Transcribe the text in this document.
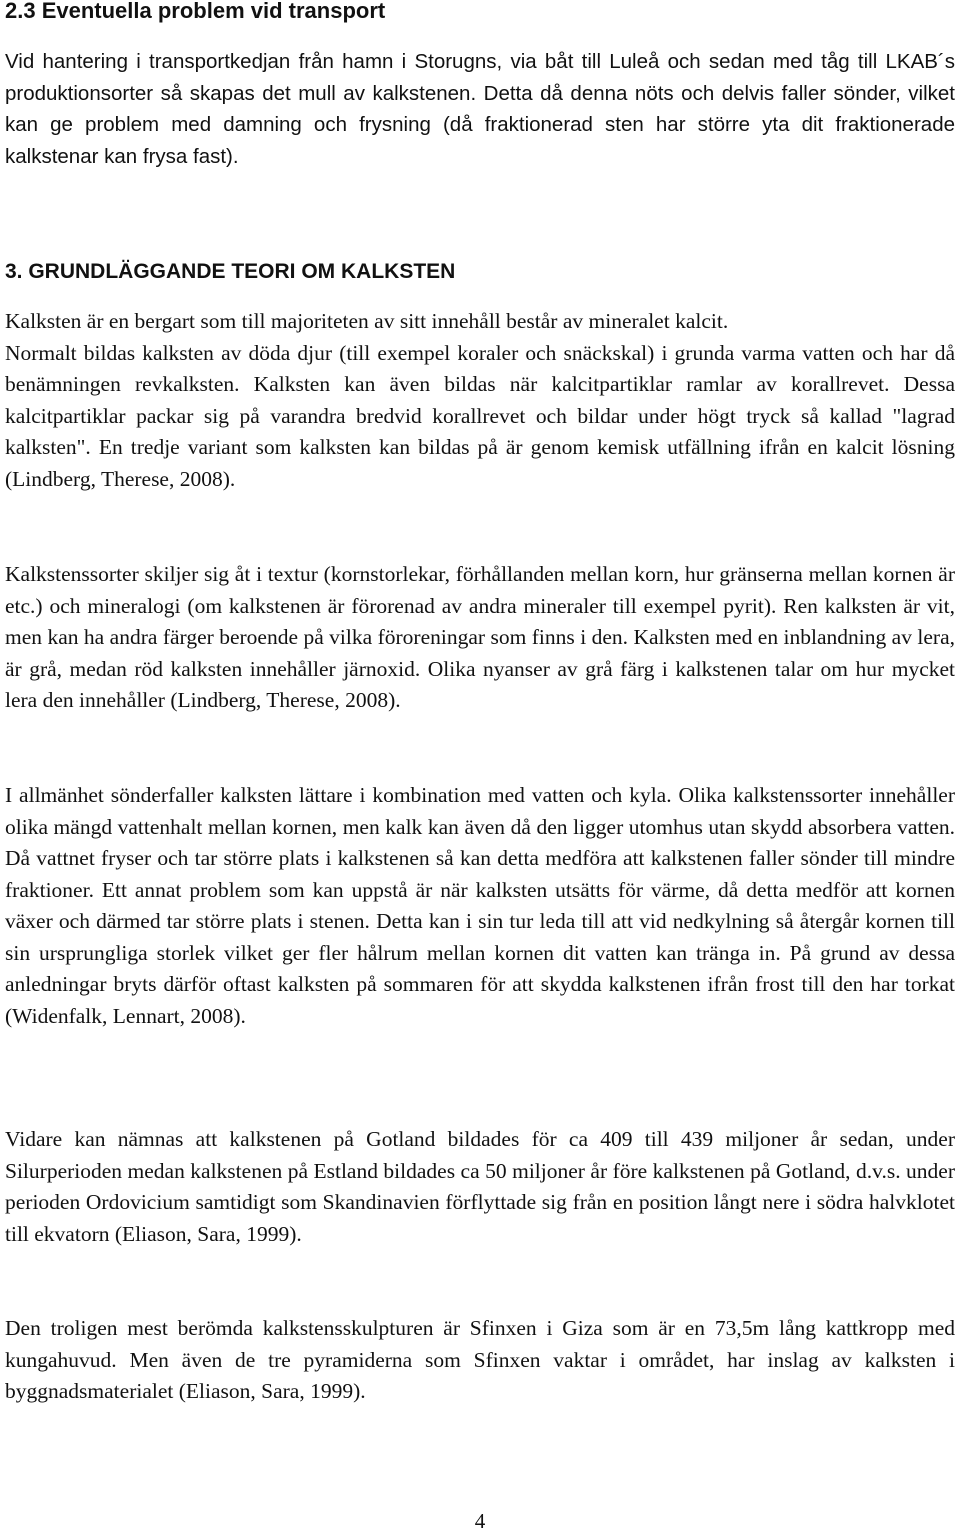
2.3 Eventuella problem vid transport

Vid hantering i transportkedjan från hamn i Storugns, via båt till Luleå och sedan med tåg till LKAB´s produktionsorter så skapas det mull av kalkstenen. Detta då denna nöts och delvis faller sönder, vilket kan ge problem med damning och frysning (då fraktionerad sten har större yta dit fraktionerade kalkstenar kan frysa fast).

3. GRUNDLÄGGANDE TEORI OM KALKSTEN

Kalksten är en bergart som till majoriteten av sitt innehåll består av mineralet kalcit.
Normalt bildas kalksten av döda djur (till exempel koraler och snäckskal) i grunda varma vatten och har då benämningen revkalksten. Kalksten kan även bildas när kalcitpartiklar ramlar av korallrevet. Dessa kalcitpartiklar packar sig på varandra bredvid korallrevet och bildar under högt tryck så kallad "lagrad kalksten". En tredje variant som kalksten kan bildas på är genom kemisk utfällning ifrån en kalcit lösning (Lindberg, Therese, 2008).

Kalkstenssorter skiljer sig åt i textur (kornstorlekar, förhållanden mellan korn, hur gränserna mellan kornen är etc.) och mineralogi (om kalkstenen är förorenad av andra mineraler till exempel pyrit). Ren kalksten är vit, men kan ha andra färger beroende på vilka föroreningar som finns i den. Kalksten med en inblandning av lera, är grå, medan röd kalksten innehåller järnoxid. Olika nyanser av grå färg i kalkstenen talar om hur mycket lera den innehåller (Lindberg, Therese, 2008).

I allmänhet sönderfaller kalksten lättare i kombination med vatten och kyla. Olika kalkstenssorter innehåller olika mängd vattenhalt mellan kornen, men kalk kan även då den ligger utomhus utan skydd absorbera vatten. Då vattnet fryser och tar större plats i kalkstenen så kan detta medföra att kalkstenen faller sönder till mindre fraktioner. Ett annat problem som kan uppstå är när kalksten utsätts för värme, då detta medför att kornen växer och därmed tar större plats i stenen. Detta kan i sin tur leda till att vid nedkylning så återgår kornen till sin ursprungliga storlek vilket ger fler hålrum mellan kornen dit vatten kan tränga in. På grund av dessa anledningar bryts därför oftast kalksten på sommaren för att skydda kalkstenen ifrån frost till den har torkat (Widenfalk, Lennart, 2008).

Vidare kan nämnas att kalkstenen på Gotland bildades för ca 409 till 439 miljoner år sedan, under Silurperioden medan kalkstenen på Estland bildades ca 50 miljoner år före kalkstenen på Gotland, d.v.s. under perioden Ordovicium samtidigt som Skandinavien förflyttade sig från en position långt nere i södra halvklotet till ekvatorn (Eliason, Sara, 1999).

Den troligen mest berömda kalkstensskulpturen är Sfinxen i Giza som är en 73,5m lång kattkropp med kungahuvud. Men även de tre pyramiderna som Sfinxen vaktar i området, har inslag av kalksten i byggnadsmaterialet (Eliason, Sara, 1999).

4
